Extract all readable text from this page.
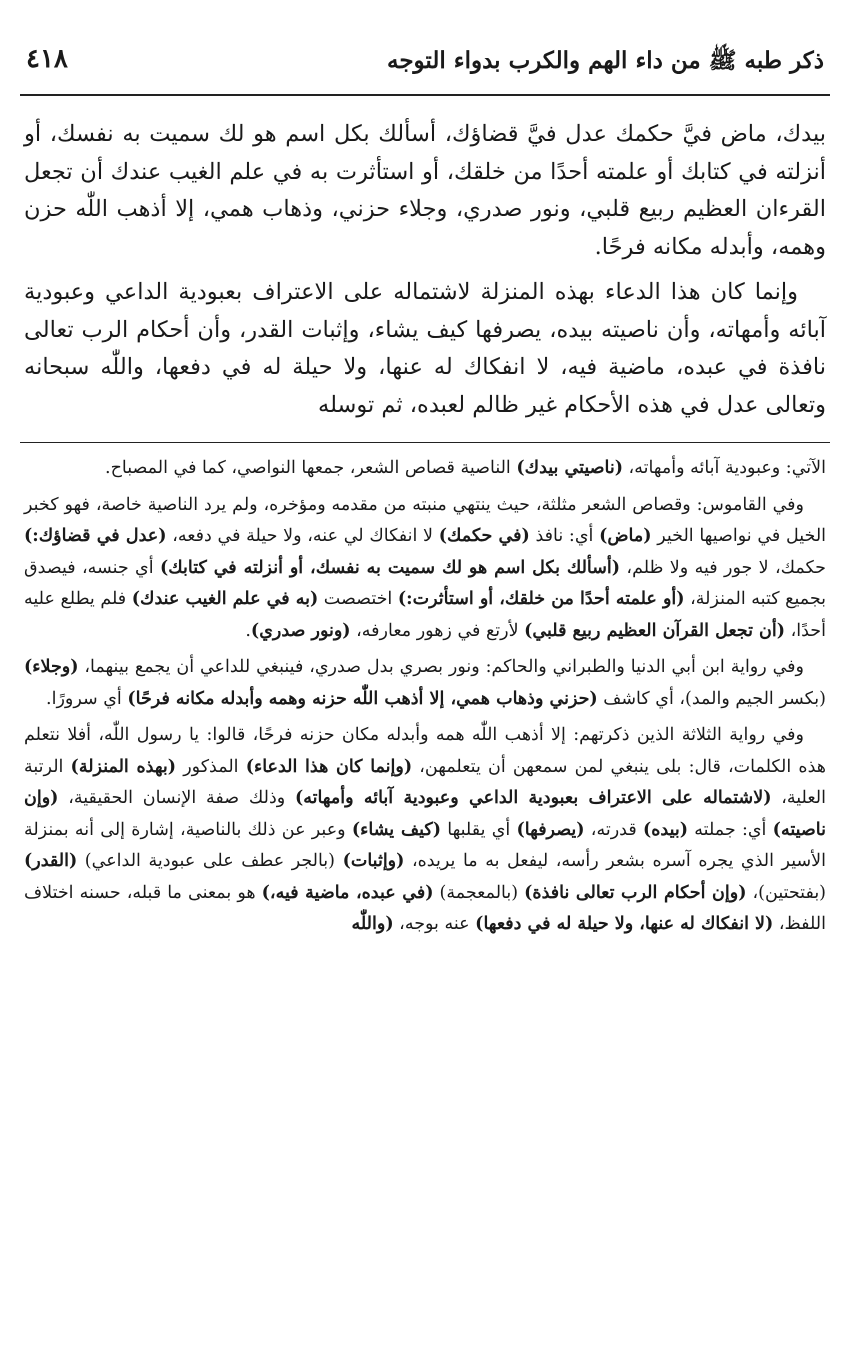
ذكر طبه ﷺ من داء الهم والكرب بدواء التوجه
٤١٨

بيدك، ماض فيَّ حكمك عدل فيَّ قضاؤك، أسألك بكل اسم هو لك سميت به نفسك، أو أنزلته في كتابك أو علمته أحدًا من خلقك، أو استأثرت به في علم الغيب عندك أن تجعل القرءان العظيم ربيع قلبي، ونور صدري، وجلاء حزني، وذهاب همي، إلا أذهب اللّٰه حزن وهمه، وأبدله مكانه فرحًا.

وإنما كان هذا الدعاء بهذه المنزلة لاشتماله على الاعتراف بعبودية الداعي وعبودية آبائه وأمهاته، وأن ناصيته بيده، يصرفها كيف يشاء، وإثبات القدر، وأن أحكام الرب تعالى نافذة في عبده، ماضية فيه، لا انفكاك له عنها، ولا حيلة له في دفعها، واللّٰه سبحانه وتعالى عدل في هذه الأحكام غير ظالم لعبده، ثم توسله

الآتي: وعبودية آبائه وأمهاته، (ناصيتي بيدك) الناصية قصاص الشعر، جمعها النواصي، كما في المصباح.

وفي القاموس: وقصاص الشعر مثلثة، حيث ينتهي منبته من مقدمه ومؤخره، ولم يرد الناصية خاصة، فهو كخبر الخيل في نواصيها الخير (ماض) أي: نافذ (في حكمك) لا انفكاك لي عنه، ولا حيلة في دفعه، (عدل في قضاؤك:) حكمك، لا جور فيه ولا ظلم، (أسألك بكل اسم هو لك سميت به نفسك، أو أنزلته في كتابك) أي جنسه، فيصدق بجميع كتبه المنزلة، (أو علمته أحدًا من خلقك، أو استأثرت:) اختصصت (به في علم الغيب عندك) فلم يطلع عليه أحدًا، (أن تجعل القرآن العظيم ربيع قلبي) لأرتع في زهور معارفه، (ونور صدري).

وفي رواية ابن أبي الدنيا والطبراني والحاكم: ونور بصري بدل صدري، فينبغي للداعي أن يجمع بينهما، (وجلاء) (بكسر الجيم والمد)، أي كاشف (حزني وذهاب همي، إلا أذهب اللّٰه حزنه وهمه وأبدله مكانه فرحًا) أي سرورًا.

وفي رواية الثلاثة الذين ذكرتهم: إلا أذهب اللّٰه همه وأبدله مكان حزنه فرحًا، قالوا: يا رسول اللّٰه، أفلا نتعلم هذه الكلمات، قال: بلى ينبغي لمن سمعهن أن يتعلمهن، (وإنما كان هذا الدعاء) المذكور (بهذه المنزلة) الرتبة العلية، (لاشتماله على الاعتراف بعبودية الداعي وعبودية آبائه وأمهاته) وذلك صفة الإنسان الحقيقية، (وإن ناصيته) أي: جملته (بيده) قدرته، (يصرفها) أي يقلبها (كيف يشاء) وعبر عن ذلك بالناصية، إشارة إلى أنه بمنزلة الأسير الذي يجره آسره بشعر رأسه، ليفعل به ما يريده، (وإثبات) (بالجر عطف على عبودية الداعي) (القدر) (بفتحتين)، (وإن أحكام الرب تعالى نافذة) (بالمعجمة) (في عبده، ماضية فيه،) هو بمعنى ما قبله، حسنه اختلاف اللفظ، (لا انفكاك له عنها، ولا حيلة له في دفعها) عنه بوجه، (واللّٰه
